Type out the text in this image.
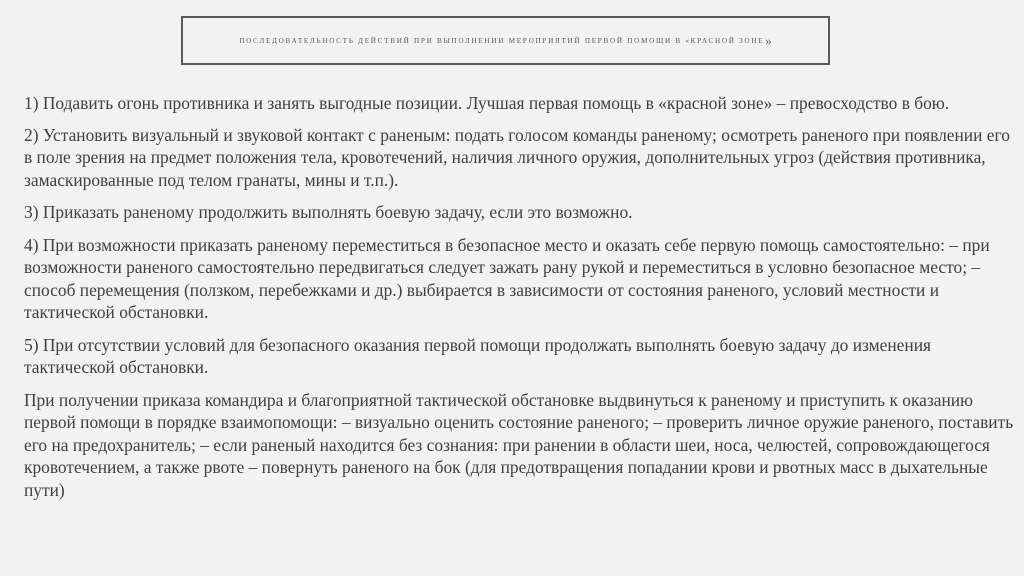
ПОСЛЕДОВАТЕЛЬНОСТЬ ДЕЙСТВИЙ ПРИ ВЫПОЛНЕНИИ МЕРОПРИЯТИЙ ПЕРВОЙ ПОМОЩИ В «КРАСНОЙ ЗОНЕ »

1) Подавить огонь противника и занять выгодные позиции. Лучшая первая помощь в «красной зоне» – превосходство в бою.

2) Установить визуальный и звуковой контакт с раненым: подать голосом команды раненому; осмотреть раненого при появлении его в поле зрения на предмет положения тела, кровотечений, наличия личного оружия, дополнительных угроз (действия противника, замаскированные под телом гранаты, мины и т.п.).

3) Приказать раненому продолжить выполнять боевую задачу, если это возможно.

4) При возможности приказать раненому переместиться в безопасное место и оказать себе первую помощь самостоятельно: – при возможности раненого самостоятельно передвигаться следует зажать рану рукой и переместиться в условно безопасное место; – способ перемещения (ползком, перебежками и др.) выбирается в зависимости от состояния раненого, условий местности и тактической обстановки.

5) При отсутствии условий для безопасного оказания первой помощи продолжать выполнять боевую задачу до изменения тактической обстановки.

При получении приказа командира и благоприятной тактической обстановке выдвинуться к раненому и приступить к оказанию первой помощи в порядке взаимопомощи: – визуально оценить состояние раненого; – проверить личное оружие раненого, поставить его на предохранитель; – если раненый находится без сознания: при ранении в области шеи, носа, челюстей, сопровождающегося кровотечением, а также рвоте – повернуть раненого на бок (для предотвращения попадании крови и рвотных масс в дыхательные пути)
